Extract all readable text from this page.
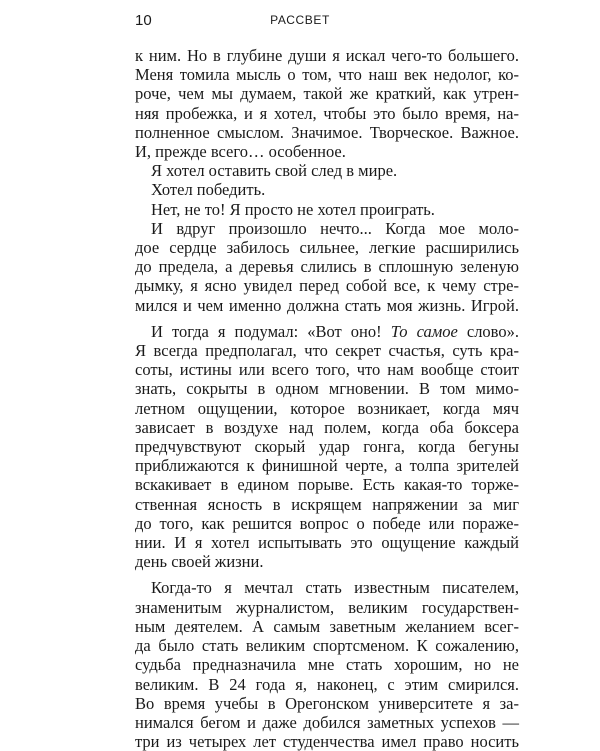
10	РАССВЕТ
к ним. Но в глубине души я искал чего-то большего.
Меня томила мысль о том, что наш век недолог, ко-
роче, чем мы думаем, такой же краткий, как утрен-
няя пробежка, и я хотел, чтобы это было время, на-
полненное смыслом. Значимое. Творческое. Важное.
И, прежде всего… особенное.
Я хотел оставить свой след в мире.
Хотел победить.
Нет, не то! Я просто не хотел проиграть.
И вдруг произошло нечто... Когда мое моло-
дое сердце забилось сильнее, легкие расширились
до предела, а деревья слились в сплошную зеленую
дымку, я ясно увидел перед собой все, к чему стре-
мился и чем именно должна стать моя жизнь. Игрой.
И тогда я подумал: «Вот оно! То самое слово».
Я всегда предполагал, что секрет счастья, суть кра-
соты, истины или всего того, что нам вообще стоит
знать, сокрыты в одном мгновении. В том мимо-
летном ощущении, которое возникает, когда мяч
зависает в воздухе над полем, когда оба боксера
предчувствуют скорый удар гонга, когда бегуны
приближаются к финишной черте, а толпа зрителей
вскакивает в едином порыве. Есть какая-то торже-
ственная ясность в искрящем напряжении за миг
до того, как решится вопрос о победе или пораже-
нии. И я хотел испытывать это ощущение каждый
день своей жизни.
Когда-то я мечтал стать известным писателем,
знаменитым журналистом, великим государствен-
ным деятелем. А самым заветным желанием всег-
да было стать великим спортсменом. К сожалению,
судьба предназначила мне стать хорошим, но не
великим. В 24 года я, наконец, с этим смирился.
Во время учебы в Орегонском университете я за-
нимался бегом и даже добился заметных успехов —
три из четырех лет студенчества имел право носить
